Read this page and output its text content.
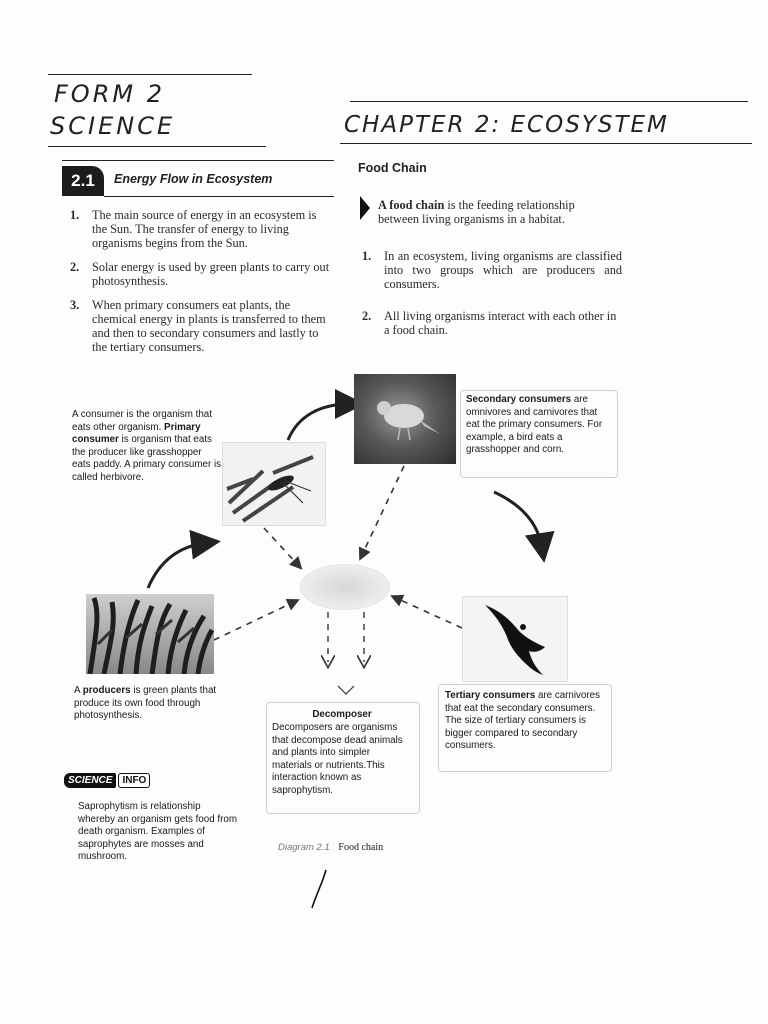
FORM 2
SCIENCE	CHAPTER 2: ECOSYSTEM
2.1	Energy Flow in Ecosystem
1. The main source of energy in an ecosystem is the Sun. The transfer of energy to living organisms begins from the Sun.
2. Solar energy is used by green plants to carry out photosynthesis.
3. When primary consumers eat plants, the chemical energy in plants is transferred to them and then to secondary consumers and lastly to the tertiary consumers.
Food Chain
A food chain is the feeding relationship between living organisms in a habitat.
1. In an ecosystem, living organisms are classified into two groups which are producers and consumers.
2. All living organisms interact with each other in a food chain.
A consumer is the organism that eats other organism. Primary consumer is organism that eats the producer like grasshopper eats paddy. A primary consumer is called herbivore.
Secondary consumers are omnivores and carnivores that eat the primary consumers. For example, a bird eats a grasshopper and corn.
A producers is green plants that produce its own food through photosynthesis.
Tertiary consumers are carnivores that eat the secondary consumers. The size of tertiary consumers is bigger compared to secondary consumers.
Decomposer
Decomposers are organisms that decompose dead animals and plants into simpler materials or nutrients.This interaction known as saprophytism.
Diagram 2.1 Food chain
SCIENCE INFO
Saprophytism is relationship whereby an organism gets food from death organism. Examples of saprophytes are mosses and mushroom.
